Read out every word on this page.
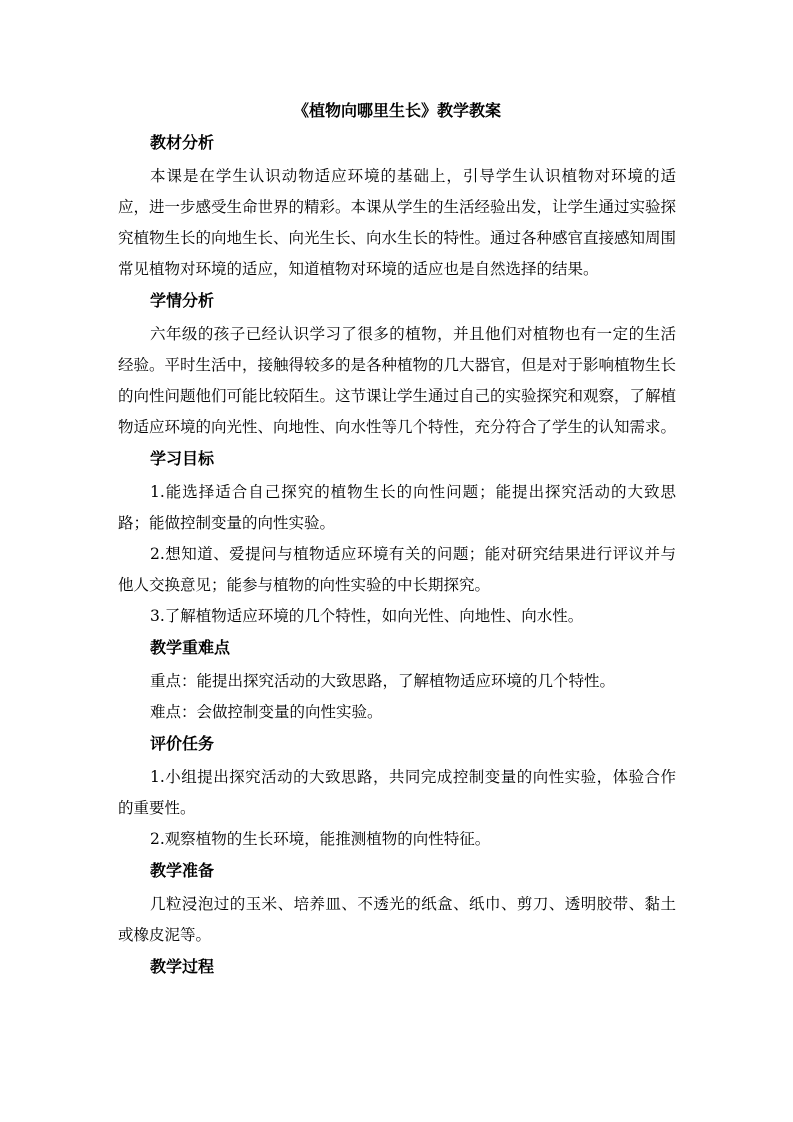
《植物向哪里生长》教学教案
教材分析

本课是在学生认识动物适应环境的基础上，引导学生认识植物对环境的适应，进一步感受生命世界的精彩。本课从学生的生活经验出发，让学生通过实验探究植物生长的向地生长、向光生长、向水生长的特性。通过各种感官直接感知周围常见植物对环境的适应，知道植物对环境的适应也是自然选择的结果。

学情分析

六年级的孩子已经认识学习了很多的植物，并且他们对植物也有一定的生活经验。平时生活中，接触得较多的是各种植物的几大器官，但是对于影响植物生长的向性问题他们可能比较陌生。这节课让学生通过自己的实验探究和观察，了解植物适应环境的向光性、向地性、向水性等几个特性，充分符合了学生的认知需求。

学习目标

1.能选择适合自己探究的植物生长的向性问题；能提出探究活动的大致思路；能做控制变量的向性实验。

2.想知道、爱提问与植物适应环境有关的问题；能对研究结果进行评议并与他人交换意见；能参与植物的向性实验的中长期探究。

3.了解植物适应环境的几个特性，如向光性、向地性、向水性。

教学重难点

重点：能提出探究活动的大致思路，了解植物适应环境的几个特性。

难点：会做控制变量的向性实验。

评价任务

1.小组提出探究活动的大致思路，共同完成控制变量的向性实验，体验合作的重要性。

2.观察植物的生长环境，能推测植物的向性特征。

教学准备

几粒浸泡过的玉米、培养皿、不透光的纸盒、纸巾、剪刀、透明胶带、黏土或橡皮泥等。

教学过程
